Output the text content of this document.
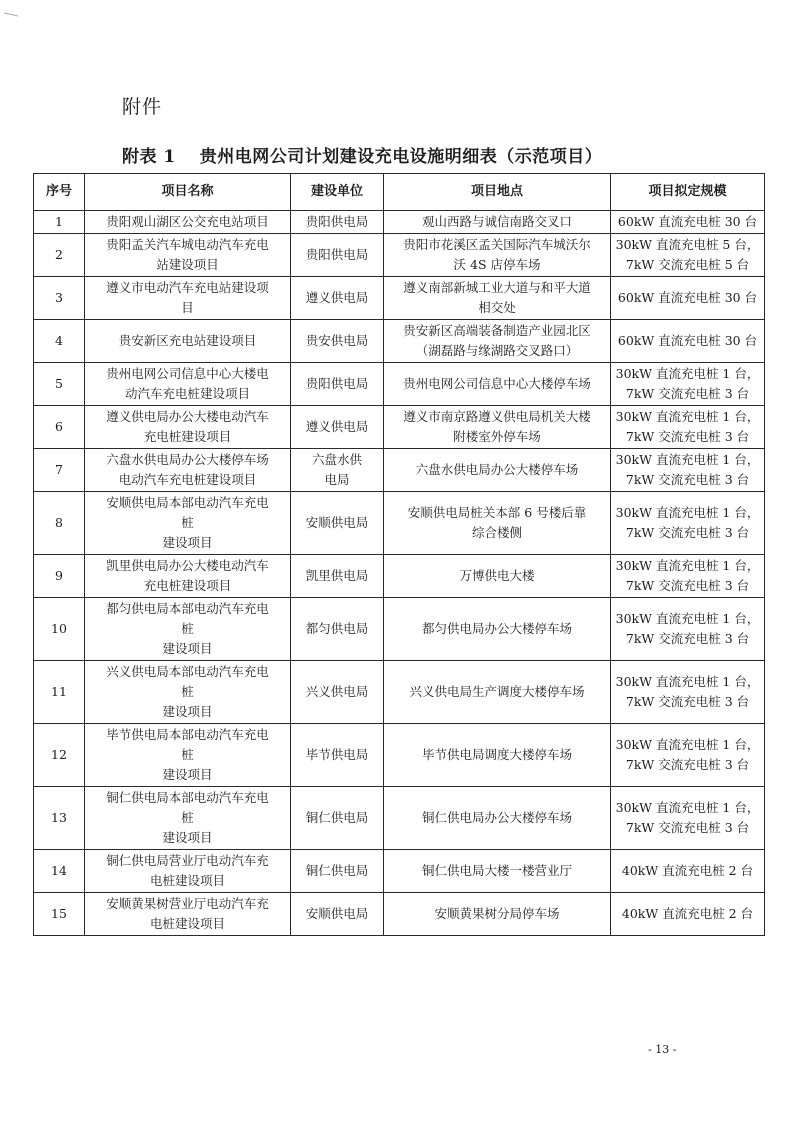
附件
附表 1 贵州电网公司计划建设充电设施明细表（示范项目）
序号	项目名称	建设单位	项目地点	项目拟定规模
1	贵阳观山湖区公交充电站项目	贵阳供电局	观山西路与诚信南路交叉口	60kW 直流充电桩 30 台
2	贵阳孟关汽车城电动汽车充电
站建设项目	贵阳供电局	贵阳市花溪区孟关国际汽车城沃尔
沃 4S 店停车场	30kW 直流充电桩 5 台，
7kW 交流充电桩 5 台
3	遵义市电动汽车充电站建设项
目	遵义供电局	遵义南部新城工业大道与和平大道
相交处	60kW 直流充电桩 30 台
4	贵安新区充电站建设项目	贵安供电局	贵安新区高端装备制造产业园北区
（湖磊路与缘湖路交叉路口）	60kW 直流充电桩 30 台
5	贵州电网公司信息中心大楼电
动汽车充电桩建设项目	贵阳供电局	贵州电网公司信息中心大楼停车场	30kW 直流充电桩 1 台，
7kW 交流充电桩 3 台
6	遵义供电局办公大楼电动汽车
充电桩建设项目	遵义供电局	遵义市南京路遵义供电局机关大楼
附楼室外停车场	30kW 直流充电桩 1 台，
7kW 交流充电桩 3 台
7	六盘水供电局办公大楼停车场
电动汽车充电桩建设项目	六盘水供
电局	六盘水供电局办公大楼停车场	30kW 直流充电桩 1 台，
7kW 交流充电桩 3 台
8	安顺供电局本部电动汽车充电
桩
建设项目	安顺供电局	安顺供电局桩关本部 6 号楼后靠
综合楼侧	30kW 直流充电桩 1 台，
7kW 交流充电桩 3 台
9	凯里供电局办公大楼电动汽车
充电桩建设项目	凯里供电局	万博供电大楼	30kW 直流充电桩 1 台，
7kW 交流充电桩 3 台
10	都匀供电局本部电动汽车充电
桩
建设项目	都匀供电局	都匀供电局办公大楼停车场	30kW 直流充电桩 1 台，
7kW 交流充电桩 3 台
11	兴义供电局本部电动汽车充电
桩
建设项目	兴义供电局	兴义供电局生产调度大楼停车场	30kW 直流充电桩 1 台，
7kW 交流充电桩 3 台
12	毕节供电局本部电动汽车充电
桩
建设项目	毕节供电局	毕节供电局调度大楼停车场	30kW 直流充电桩 1 台，
7kW 交流充电桩 3 台
13	铜仁供电局本部电动汽车充电
桩
建设项目	铜仁供电局	铜仁供电局办公大楼停车场	30kW 直流充电桩 1 台，
7kW 交流充电桩 3 台
14	铜仁供电局营业厅电动汽车充
电桩建设项目	铜仁供电局	铜仁供电局大楼一楼营业厅	40kW 直流充电桩 2 台
15	安顺黄果树营业厅电动汽车充
电桩建设项目	安顺供电局	安顺黄果树分局停车场	40kW 直流充电桩 2 台
- 13 -
